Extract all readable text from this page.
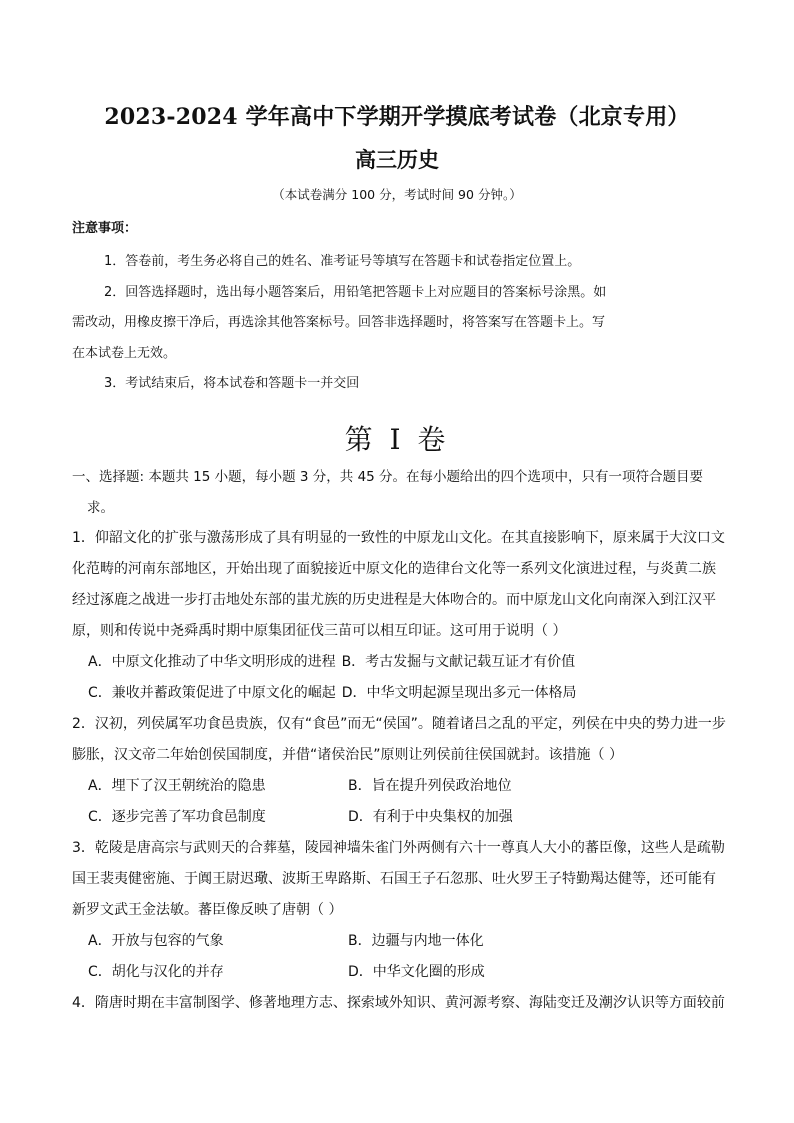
2023-2024 学年高中下学期开学摸底考试卷（北京专用）
高三历史
（本试卷满分 100 分，考试时间 90 分钟。）
注意事项：

1．答卷前，考生务必将自己的姓名、准考证号等填写在答题卡和试卷指定位置上。

2．回答选择题时，选出每小题答案后，用铅笔把答题卡上对应题目的答案标号涂黑。如

需改动，用橡皮擦干净后，再选涂其他答案标号。回答非选择题时，将答案写在答题卡上。写

在本试卷上无效。

3．考试结束后，将本试卷和答题卡一并交回

第 I 卷
一、选择题: 本题共 15 小题，每小题 3 分，共 45 分。在每小题给出的四个选项中，只有一项符合题目要
求。
1．仰韶文化的扩张与激荡形成了具有明显的一致性的中原龙山文化。在其直接影响下，原来属于大汶口文
化范畴的河南东部地区，开始出现了面貌接近中原文化的造律台文化等一系列文化演进过程，与炎黄二族
经过涿鹿之战进一步打击地处东部的蚩尤族的历史进程是大体吻合的。而中原龙山文化向南深入到江汉平
原，则和传说中尧舜禹时期中原集团征伐三苗可以相互印证。这可用于说明（ ）
A．中原文化推动了中华文明形成的进程 B．考古发掘与文献记载互证才有价值
C．兼收并蓄政策促进了中原文化的崛起 D．中华文明起源呈现出多元一体格局
2．汉初，列侯属军功食邑贵族，仅有“食邑”而无“侯国”。随着诸吕之乱的平定，列侯在中央的势力进一步
膨胀，汉文帝二年始创侯国制度，并借“诸侯治民”原则让列侯前往侯国就封。该措施（ ）
A．埋下了汉王朝统治的隐患	B．旨在提升列侯政治地位
C．逐步完善了军功食邑制度	D．有利于中央集权的加强
3．乾陵是唐高宗与武则天的合葬墓，陵园神墙朱雀门外两侧有六十一尊真人大小的蕃臣像，这些人是疏勒
国王裴夷健密施、于阗王尉迟璥、波斯王卑路斯、石国王子石忽那、吐火罗王子特勤羯达健等，还可能有
新罗文武王金法敏。蕃臣像反映了唐朝（ ）
A．开放与包容的气象	B．边疆与内地一体化
C．胡化与汉化的并存	D．中华文化圈的形成
4．隋唐时期在丰富制图学、修著地理方志、探索域外知识、黄河源考察、海陆变迁及潮汐认识等方面较前
